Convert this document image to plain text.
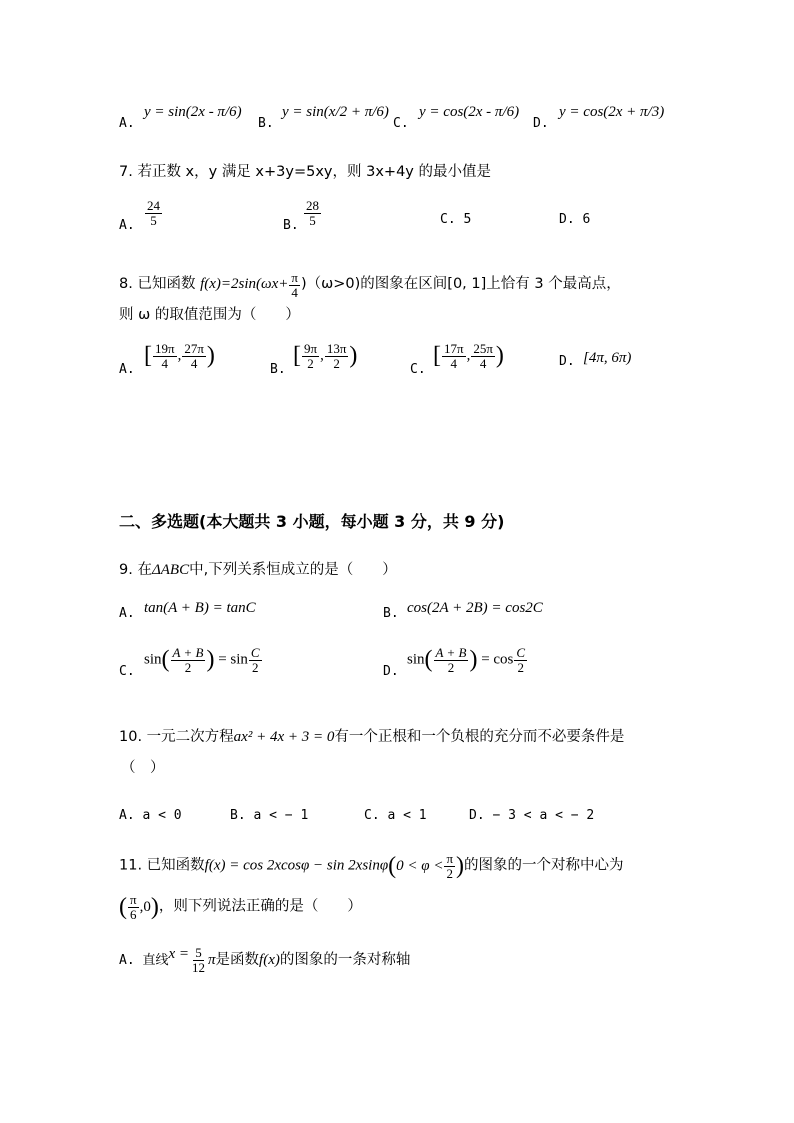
A.
y = sin(2x - π/6)
B.
y = sin(x/2 + π/6)
C.
y = cos(2x - π/6)
D.
y = cos(2x + π/3)
7. 若正数 x，y 满足 x+3y=5xy，则 3x+4y 的最小值是
A. $\frac{24}{5}$	B. $\frac{28}{5}$	C. 5	D. 6
8. 已知函数 $f(x)=2\sin(\omega x+ \frac{\pi}{4} )(\omega>0)$的图象在区间[0, 1]上恰有 3 个最高点，
则 ω 的取值范围为（　　）
A.
[ $\frac{19\pi}{4}$ , $\frac{27\pi}{4}$ )
B.
[ $\frac{9\pi}{2}$ , $\frac{13\pi}{2}$ )
C.
[ $\frac{17\pi}{4}$ , $\frac{25\pi}{4}$ )	D. [4π, 6π)
二、多选题(本大题共 3 小题，每小题 3 分，共 9 分)
9. 在ΔABC中,下列关系恒成立的是（　　）
A. tan(A + B) = tanC	B. cos(2A + 2B) = cos2C
C.
$\sin( \frac{A + B}{2}$ ) = $\sin \frac{C}{2}$	D.
$\sin( \frac{A + B}{2}$ ) = $\cos \frac{C}{2}$
10. 一元二次方程ax² + 4x + 3 = 0有一个正根和一个负根的充分而不必要条件是
（　）
A. a < 0	B. a < − 1	C. a < 1	D. − 3 < a < − 2
11. 已知函数$f(x) = \cos 2xcos\varphi - \sin 2xsin\varphi(0 < \varphi < \frac{\pi}{2}$ )的图象的一个对称中心为
( $\frac{\pi}{6} ,0$)，则下列说法正确的是（　　）
A. 直线$x = \frac{5}{12}$ π是函数f(x)的图象的一条对称轴
